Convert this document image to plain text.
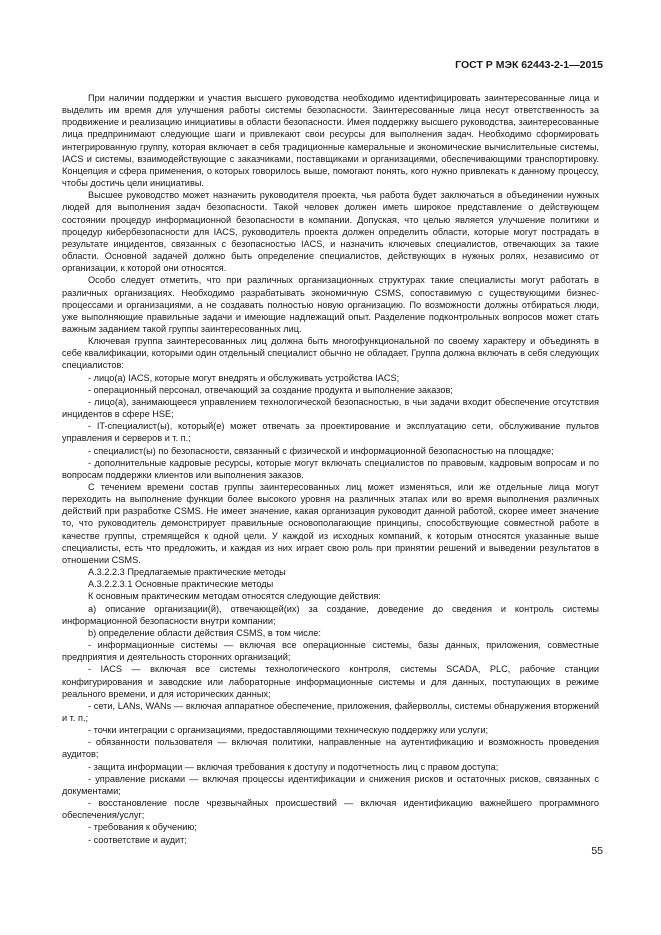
ГОСТ Р МЭК 62443-2-1—2015

При наличии поддержки и участия высшего руководства необходимо идентифицировать заинтересованные лица и выделить им время для улучшения работы системы безопасности. Заинтересованные лица несут ответственность за продвижение и реализацию инициативы в области безопасности. Имея поддержку высшего руководства, заинтересованные лица предпринимают следующие шаги и привлекают свои ресурсы для выполнения задач. Необходимо сформировать интегрированную группу, которая включает в себя традиционные камеральные и экономические вычислительные системы, IACS и системы, взаимодействующие с заказчиками, поставщиками и организациями, обеспечивающими транспортировку. Концепция и сфера применения, о которых говорилось выше, помогают понять, кого нужно привлекать к данному процессу, чтобы достичь цели инициативы.

Высшее руководство может назначить руководителя проекта, чья работа будет заключаться в объединении нужных людей для выполнения задач безопасности. Такой человек должен иметь широкое представление о действующем состоянии процедур информационной безопасности в компании. Допуская, что целью является улучшение политики и процедур кибербезопасности для IACS, руководитель проекта должен определить области, которые могут пострадать в результате инцидентов, связанных с безопасностью IACS, и назначить ключевых специалистов, отвечающих за такие области. Основной задачей должно быть определение специалистов, действующих в нужных ролях, независимо от организации, к которой они относятся.

Особо следует отметить, что при различных организационных структурах такие специалисты могут работать в различных организациях. Необходимо разрабатывать экономичную CSMS, сопоставимую с существующими бизнес-процессами и организациями, а не создавать полностью новую организацию. По возможности должны отбираться люди, уже выполняющие правильные задачи и имеющие надлежащий опыт. Разделение подконтрольных вопросов может стать важным заданием такой группы заинтересованных лиц.

Ключевая группа заинтересованных лиц должна быть многофункциональной по своему характеру и объединять в себе квалификации, которыми один отдельный специалист обычно не обладает. Группа должна включать в себя следующих специалистов:

- лицо(а) IACS, которые могут внедрять и обслуживать устройства IACS;

- операционный персонал, отвечающий за создание продукта и выполнение заказов;

- лицо(а), занимающееся управлением технологической безопасностью, в чьи задачи входит обеспечение отсутствия инцидентов в сфере HSE;

- IT-специалист(ы), который(е) может отвечать за проектирование и эксплуатацию сети, обслуживание пультов управления и серверов и т. п.;

- специалист(ы) по безопасности, связанный с физической и информационной безопасностью на площадке;

- дополнительные кадровые ресурсы, которые могут включать специалистов по правовым, кадровым вопросам и по вопросам поддержки клиентов или выполнения заказов.

С течением времени состав группы заинтересованных лиц может изменяться, или же отдельные лица могут переходить на выполнение функции более высокого уровня на различных этапах или во время выполнения различных действий при разработке CSMS. Не имеет значение, какая организация руководит данной работой, скорее имеет значение то, что руководитель демонстрирует правильные основополагающие принципы, способствующие совместной работе в качестве группы, стремящейся к одной цели. У каждой из исходных компаний, к которым относятся указанные выше специалисты, есть что предложить, и каждая из них играет свою роль при принятии решений и выведении результатов в отношении CSMS.

А.3.2.2.3 Предлагаемые практические методы

А.3.2.2.3.1 Основные практические методы

К основным практическим методам относятся следующие действия:

а) описание организации(й), отвечающей(их) за создание, доведение до сведения и контроль системы информационной безопасности внутри компании;

b) определение области действия CSMS, в том числе:

- информационные системы — включая все операционные системы, базы данных, приложения, совместные предприятия и деятельность сторонних организаций;

- IACS — включая все системы технологического контроля, системы SCADA, PLC, рабочие станции конфигурирования и заводские или лабораторные информационные системы и для данных, поступающих в режиме реального времени, и для исторических данных;

- сети, LANs, WANs — включая аппаратное обеспечение, приложения, файерволлы, системы обнаружения вторжений и т. п.;

- точки интеграции с организациями, предоставляющими техническую поддержку или услуги;

- обязанности пользователя — включая политики, направленные на аутентификацию и возможность проведения аудитов;

- защита информации — включая требования к доступу и подотчетность лиц с правом доступа;

- управление рисками — включая процессы идентификации и снижения рисков и остаточных рисков, связанных с документами;

- восстановление после чрезвычайных происшествий — включая идентификацию важнейшего программного обеспечения/услуг;

- требования к обучению;

- соответствие и аудит;

55
